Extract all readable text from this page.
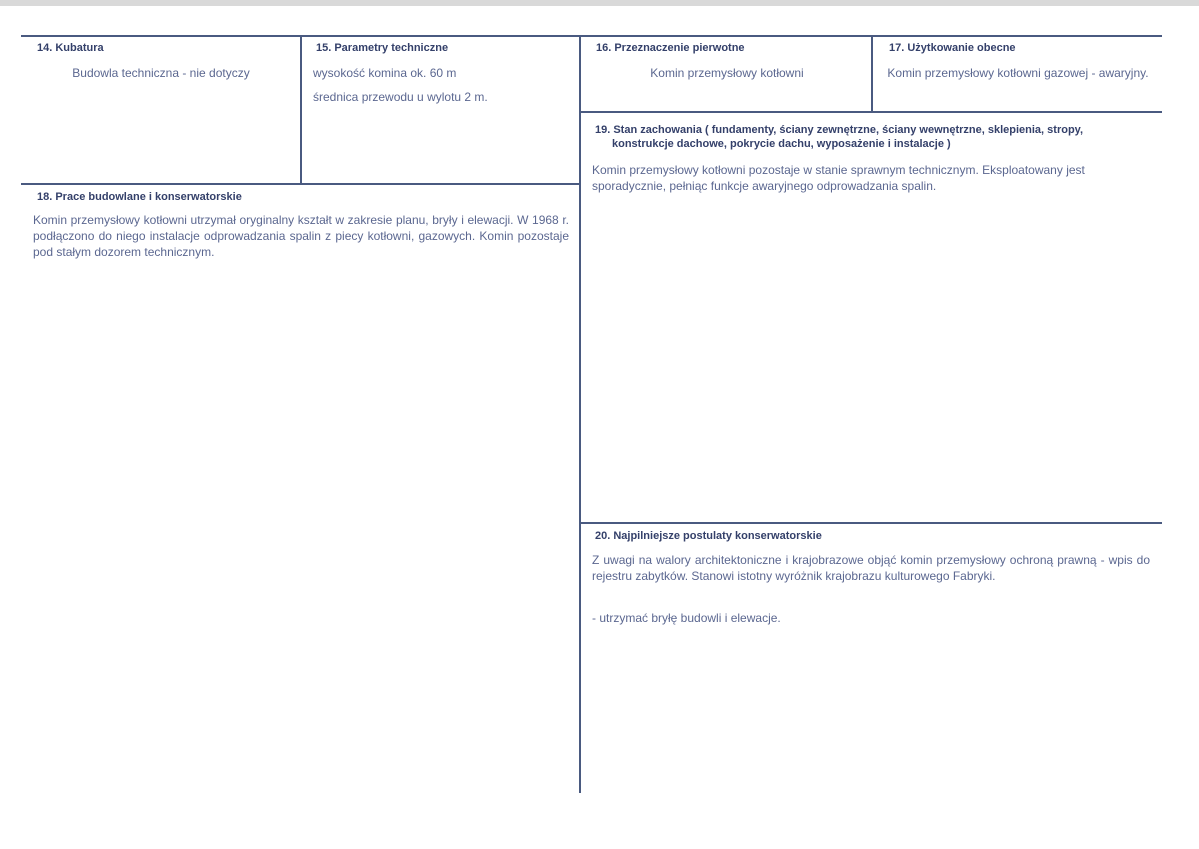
14. Kubatura
Budowla techniczna - nie dotyczy
15. Parametry techniczne
wysokość komina ok. 60 m
średnica przewodu u wylotu 2 m.
16. Przeznaczenie pierwotne
Komin przemysłowy kotłowni
17. Użytkowanie obecne
Komin przemysłowy kotłowni gazowej - awaryjny.
18. Prace budowlane i konserwatorskie
Komin przemysłowy kotłowni utrzymał oryginalny kształt w zakresie planu, bryły i elewacji. W 1968 r. podłączono do niego instalacje odprowadzania spalin z piecy kotłowni, gazowych. Komin pozostaje pod stałym dozorem technicznym.
19. Stan zachowania ( fundamenty, ściany zewnętrzne, ściany wewnętrzne, sklepienia, stropy,
konstrukcje dachowe, pokrycie dachu, wyposażenie i instalacje )
Komin przemysłowy kotłowni pozostaje w stanie sprawnym technicznym. Eksploatowany jest sporadycznie, pełniąc funkcje awaryjnego odprowadzania spalin.
20. Najpilniejsze postulaty konserwatorskie
Z uwagi na walory architektoniczne i krajobrazowe objąć komin przemysłowy ochroną prawną - wpis do rejestru zabytków. Stanowi istotny wyróżnik krajobrazu kulturowego Fabryki.
- utrzymać bryłę budowli i elewacje.
